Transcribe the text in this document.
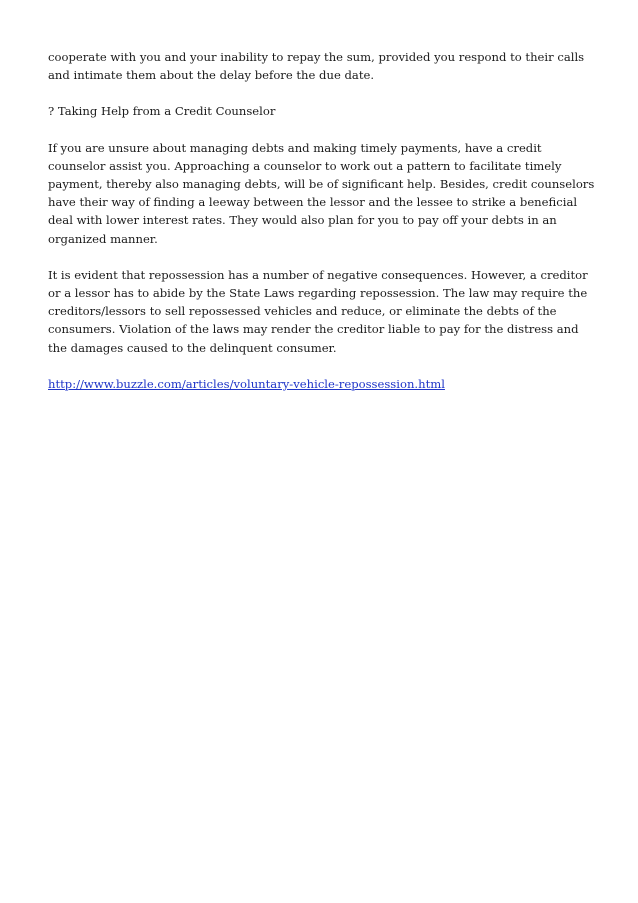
cooperate with you and your inability to repay the sum, provided you respond to their calls and intimate them about the delay before the due date.

? Taking Help from a Credit Counselor

If you are unsure about managing debts and making timely payments, have a credit counselor assist you. Approaching a counselor to work out a pattern to facilitate timely payment, thereby also managing debts, will be of significant help. Besides, credit counselors have their way of finding a leeway between the lessor and the lessee to strike a beneficial deal with lower interest rates. They would also plan for you to pay off your debts in an organized manner.

It is evident that repossession has a number of negative consequences. However, a creditor or a lessor has to abide by the State Laws regarding repossession. The law may require the creditors/lessors to sell repossessed vehicles and reduce, or eliminate the debts of the consumers. Violation of the laws may render the creditor liable to pay for the distress and the damages caused to the delinquent consumer.

http://www.buzzle.com/articles/voluntary-vehicle-repossession.html
